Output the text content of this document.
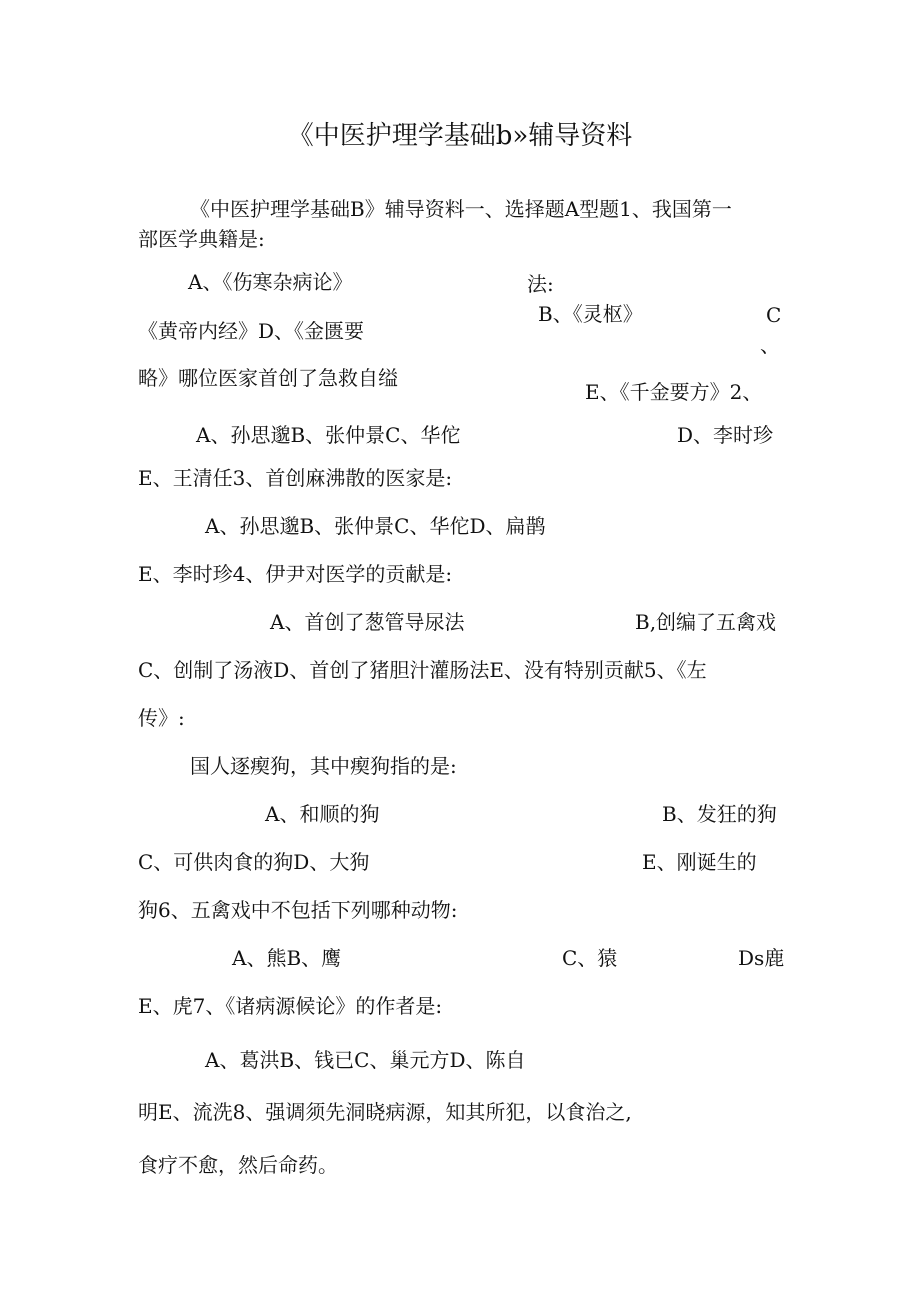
《中医护理学基础b»辅导资料
《中医护理学基础B》辅导资料一、选择题A型题1、我国第一
部医学典籍是:
A、《伤寒杂病论》	法:
B、《灵枢》	C
《黄帝内经》D、《金匮要
、
略》哪位医家首创了急救自缢
E、《千金要方》2、
A、孙思邈B、张仲景C、华佗	D、李时珍
E、王清任3、首创麻沸散的医家是:
A、孙思邈B、张仲景C、华佗D、扁鹊
E、李时珍4、伊尹对医学的贡献是:
A、首创了葱管导尿法	B,创编了五禽戏
C、创制了汤液D、首创了猪胆汁灌肠法E、没有特别贡献5、《左
传》:
国人逐瘈狗，其中瘈狗指的是:
A、和顺的狗	B、发狂的狗
C、可供肉食的狗D、大狗	E、刚诞生的
狗6、五禽戏中不包括下列哪种动物:
A、熊B、鹰	C、猿	Ds鹿
E、虎7、《诸病源候论》的作者是:
A、葛洪B、钱已C、巢元方D、陈自
明E、流洗8、强调须先洞晓病源，知其所犯，以食治之,
食疗不愈，然后命药。
